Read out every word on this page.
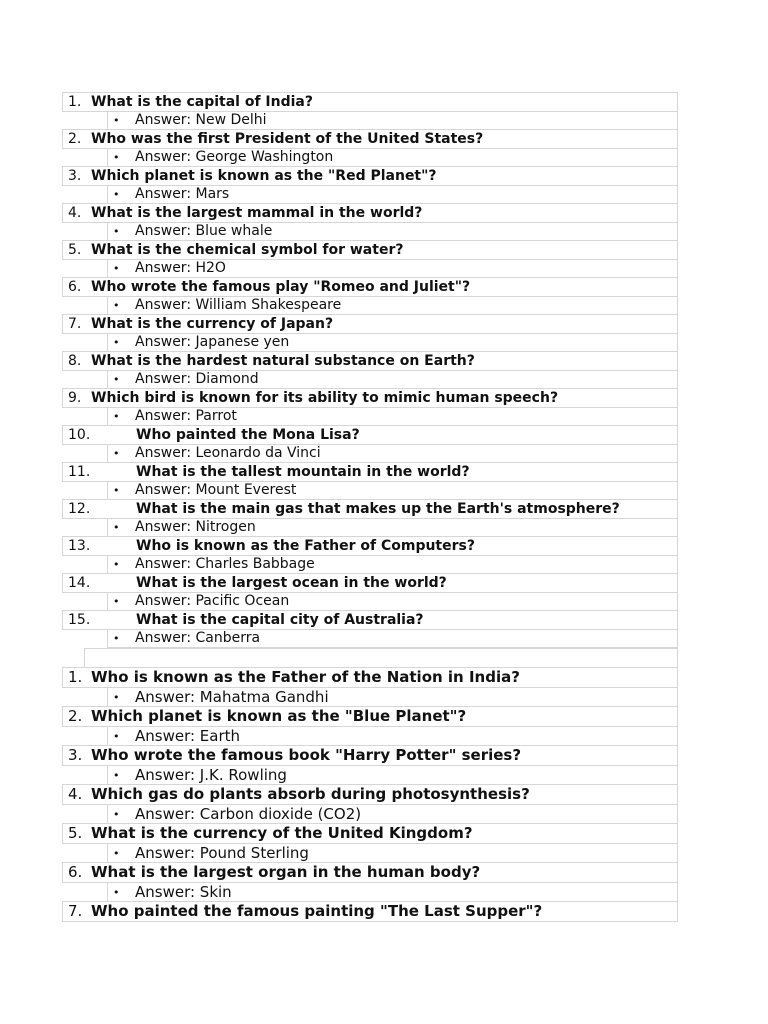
1. What is the capital of India?
• Answer: New Delhi
2. Who was the first President of the United States?
• Answer: George Washington
3. Which planet is known as the "Red Planet"?
• Answer: Mars
4. What is the largest mammal in the world?
• Answer: Blue whale
5. What is the chemical symbol for water?
• Answer: H2O
6. Who wrote the famous play "Romeo and Juliet"?
• Answer: William Shakespeare
7. What is the currency of Japan?
• Answer: Japanese yen
8. What is the hardest natural substance on Earth?
• Answer: Diamond
9. Which bird is known for its ability to mimic human speech?
• Answer: Parrot
10.	Who painted the Mona Lisa?
• Answer: Leonardo da Vinci
11.	What is the tallest mountain in the world?
• Answer: Mount Everest
12.	What is the main gas that makes up the Earth's atmosphere?
• Answer: Nitrogen
13.	Who is known as the Father of Computers?
• Answer: Charles Babbage
14.	What is the largest ocean in the world?
• Answer: Pacific Ocean
15.	What is the capital city of Australia?
• Answer: Canberra
1. Who is known as the Father of the Nation in India?
• Answer: Mahatma Gandhi
2. Which planet is known as the "Blue Planet"?
• Answer: Earth
3. Who wrote the famous book "Harry Potter" series?
• Answer: J.K. Rowling
4. Which gas do plants absorb during photosynthesis?
• Answer: Carbon dioxide (CO2)
5. What is the currency of the United Kingdom?
• Answer: Pound Sterling
6. What is the largest organ in the human body?
• Answer: Skin
7. Who painted the famous painting "The Last Supper"?
